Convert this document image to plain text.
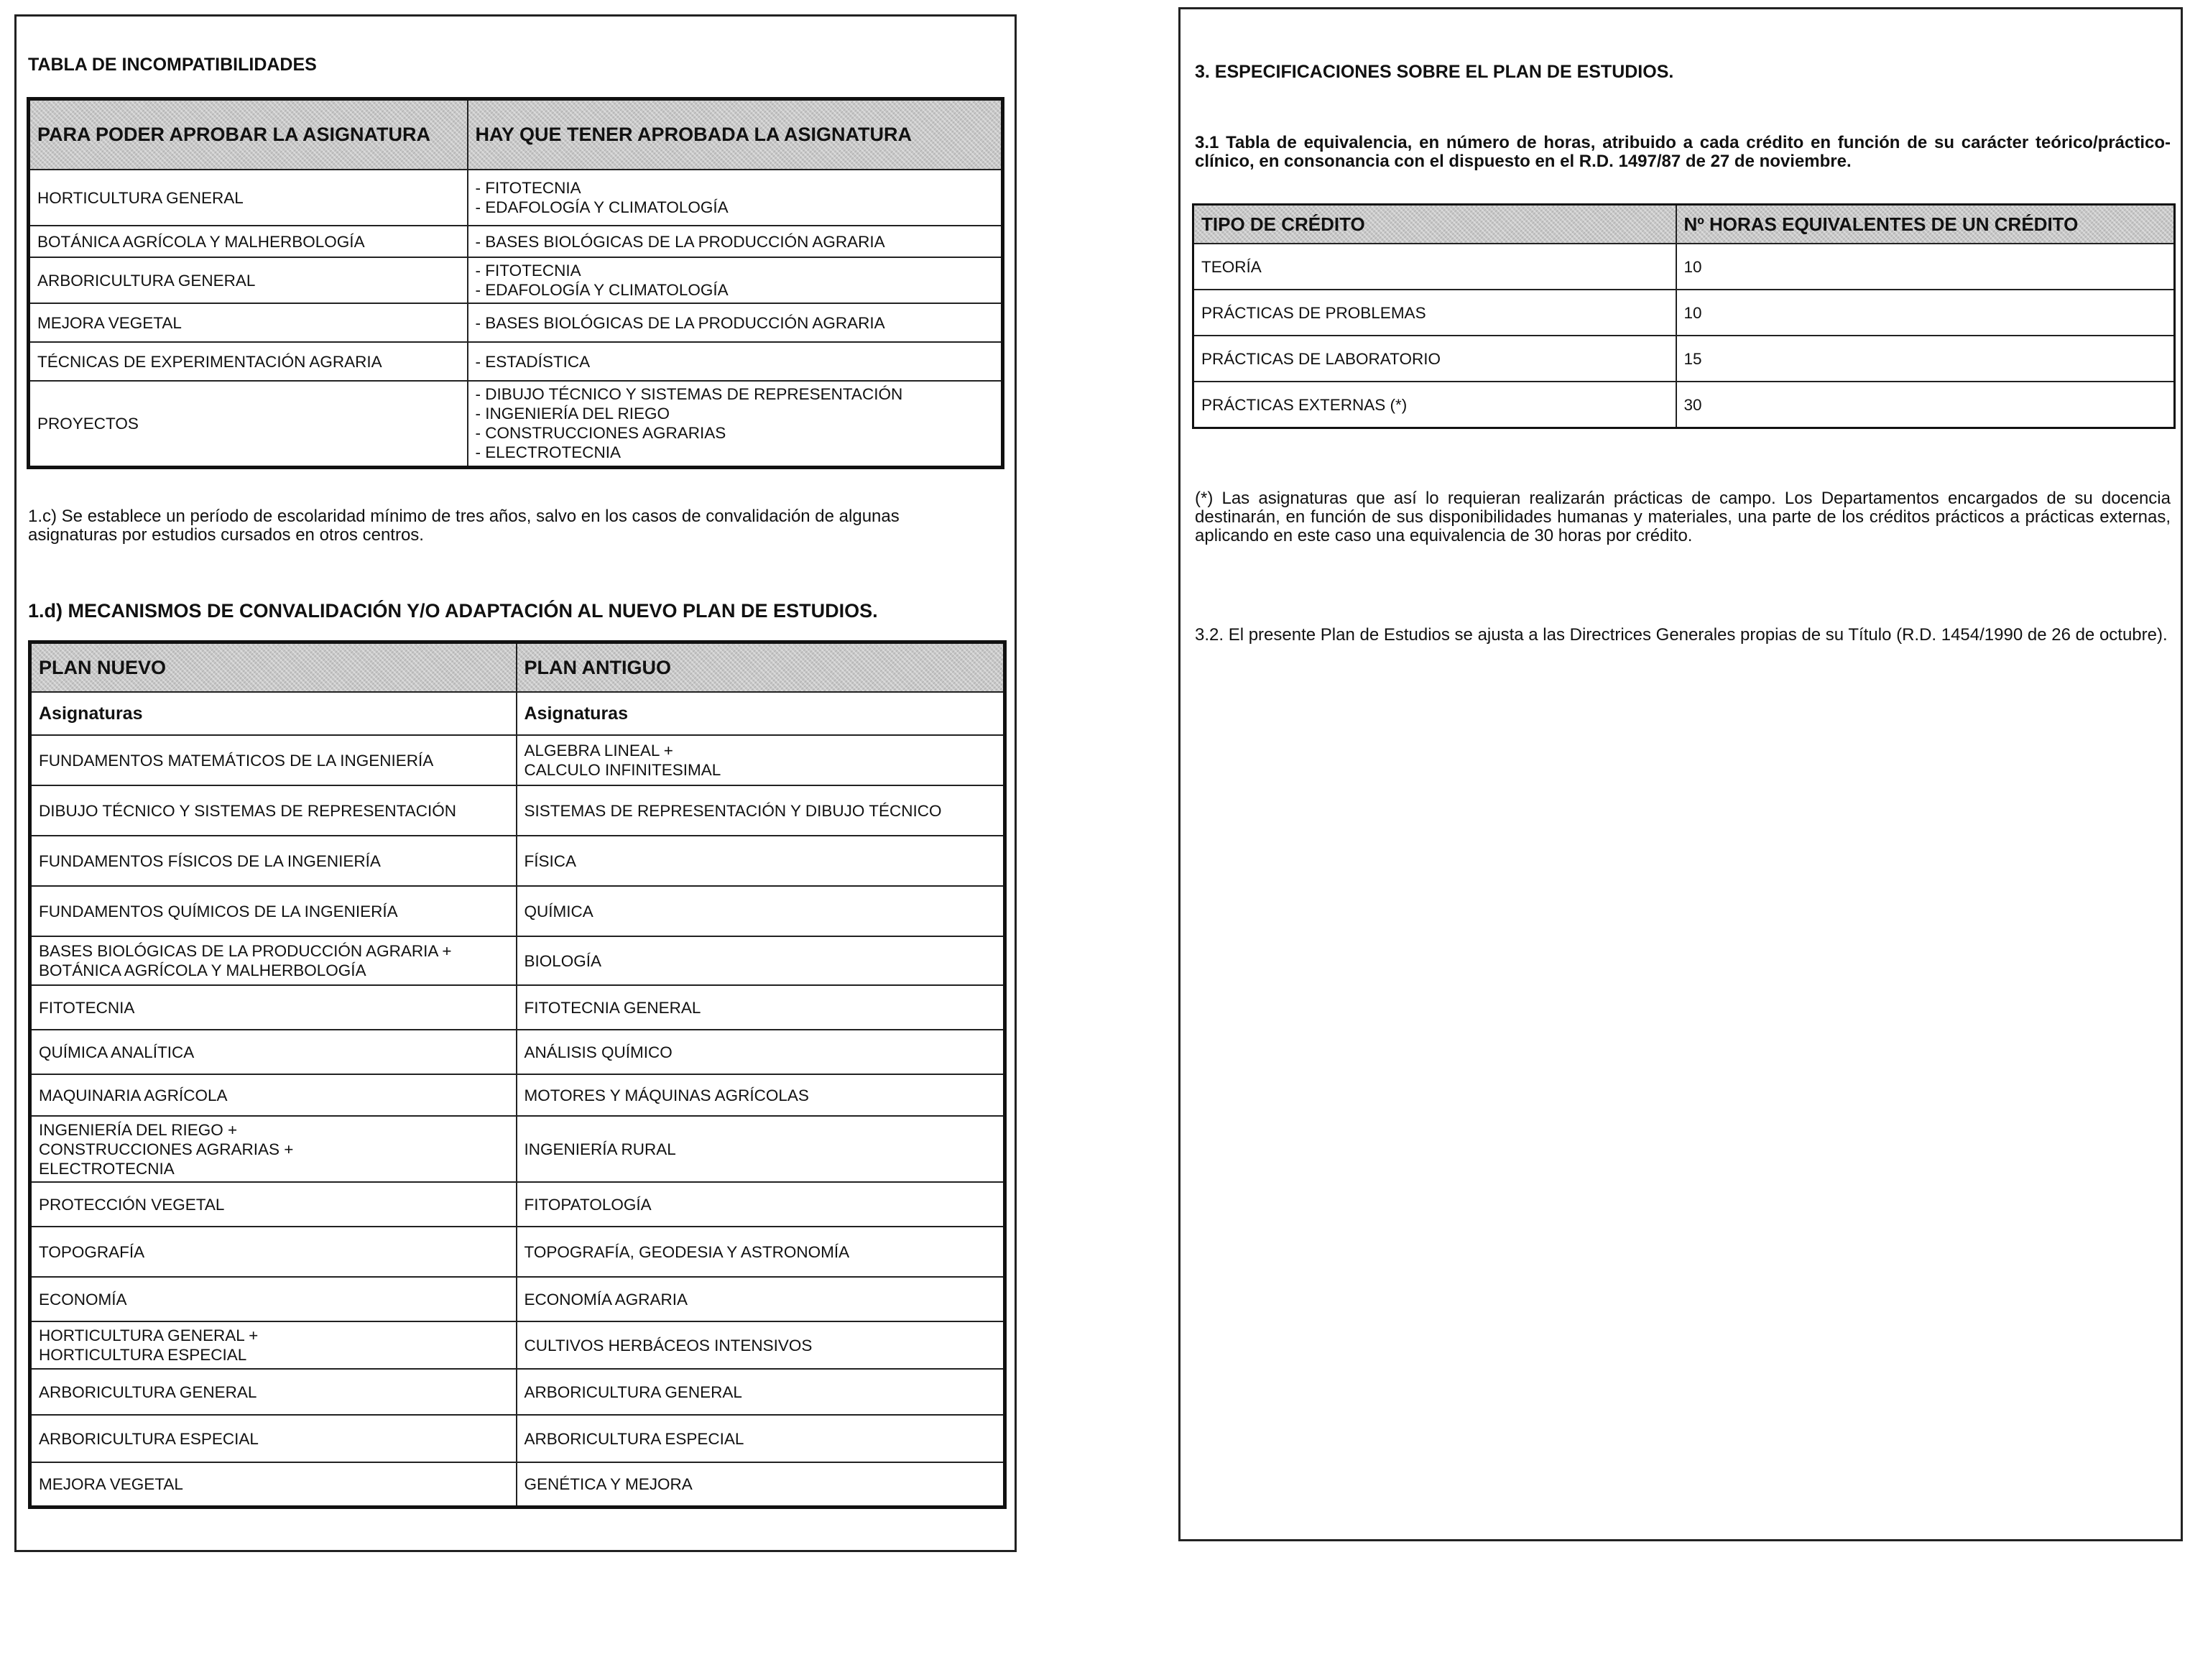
TABLA DE INCOMPATIBILIDADES
PARA PODER APROBAR LA ASIGNATURA	HAY QUE TENER APROBADA LA ASIGNATURA
HORTICULTURA GENERAL	- FITOTECNIA
- EDAFOLOGÍA Y CLIMATOLOGÍA

BOTÁNICA AGRÍCOLA Y MALHERBOLOGÍA	- BASES BIOLÓGICAS DE LA PRODUCCIÓN AGRARIA

ARBORICULTURA GENERAL	- FITOTECNIA
- EDAFOLOGÍA Y CLIMATOLOGÍA

MEJORA VEGETAL	- BASES BIOLÓGICAS DE LA PRODUCCIÓN AGRARIA

TÉCNICAS DE EXPERIMENTACIÓN AGRARIA	- ESTADÍSTICA

PROYECTOS	- DIBUJO TÉCNICO Y SISTEMAS DE REPRESENTACIÓN
- INGENIERÍA DEL RIEGO
- CONSTRUCCIONES AGRARIAS
- ELECTROTECNIA
1.c) Se establece un período de escolaridad mínimo de tres años, salvo en los casos de convalidación de algunas asignaturas por estudios cursados en otros centros.
1.d) MECANISMOS DE CONVALIDACIÓN Y/O ADAPTACIÓN AL NUEVO PLAN DE ESTUDIOS.
PLAN NUEVO	PLAN ANTIGUO
Asignaturas	Asignaturas

FUNDAMENTOS MATEMÁTICOS DE LA INGENIERÍA	ALGEBRA LINEAL +
CALCULO INFINITESIMAL

DIBUJO TÉCNICO Y SISTEMAS DE REPRESENTACIÓN	SISTEMAS DE REPRESENTACIÓN Y DIBUJO TÉCNICO

FUNDAMENTOS FÍSICOS DE LA INGENIERÍA	FÍSICA

FUNDAMENTOS QUÍMICOS DE LA INGENIERÍA	QUÍMICA

BASES BIOLÓGICAS DE LA PRODUCCIÓN AGRARIA +
BOTÁNICA AGRÍCOLA Y MALHERBOLOGÍA	BIOLOGÍA

FITOTECNIA	FITOTECNIA GENERAL

QUÍMICA ANALÍTICA	ANÁLISIS QUÍMICO

MAQUINARIA AGRÍCOLA	MOTORES Y MÁQUINAS AGRÍCOLAS

INGENIERÍA DEL RIEGO +
CONSTRUCCIONES AGRARIAS +
ELECTROTECNIA	INGENIERÍA RURAL

PROTECCIÓN VEGETAL	FITOPATOLOGÍA

TOPOGRAFÍA	TOPOGRAFÍA, GEODESIA Y ASTRONOMÍA

ECONOMÍA	ECONOMÍA AGRARIA

HORTICULTURA GENERAL +
HORTICULTURA ESPECIAL	CULTIVOS HERBÁCEOS INTENSIVOS

ARBORICULTURA GENERAL	ARBORICULTURA GENERAL

ARBORICULTURA ESPECIAL	ARBORICULTURA ESPECIAL

MEJORA VEGETAL	GENÉTICA Y MEJORA
3. ESPECIFICACIONES SOBRE EL PLAN DE ESTUDIOS.
3.1 Tabla de equivalencia, en número de horas, atribuido a cada crédito en función de su carácter teórico/práctico-clínico, en consonancia con el dispuesto en el R.D. 1497/87 de 27 de noviembre.
TIPO DE CRÉDITO	Nº HORAS EQUIVALENTES DE UN CRÉDITO
TEORÍA	10
PRÁCTICAS DE PROBLEMAS	10
PRÁCTICAS DE LABORATORIO	15
PRÁCTICAS EXTERNAS (*)	30
(*) Las asignaturas que así lo requieran realizarán prácticas de campo. Los Departamentos encargados de su docencia destinarán, en función de sus disponibilidades humanas y materiales, una parte de los créditos prácticos a prácticas externas, aplicando en este caso una equivalencia de 30 horas por crédito.
3.2. El presente Plan de Estudios se ajusta a las Directrices Generales propias de su Título (R.D. 1454/1990 de 26 de octubre).
